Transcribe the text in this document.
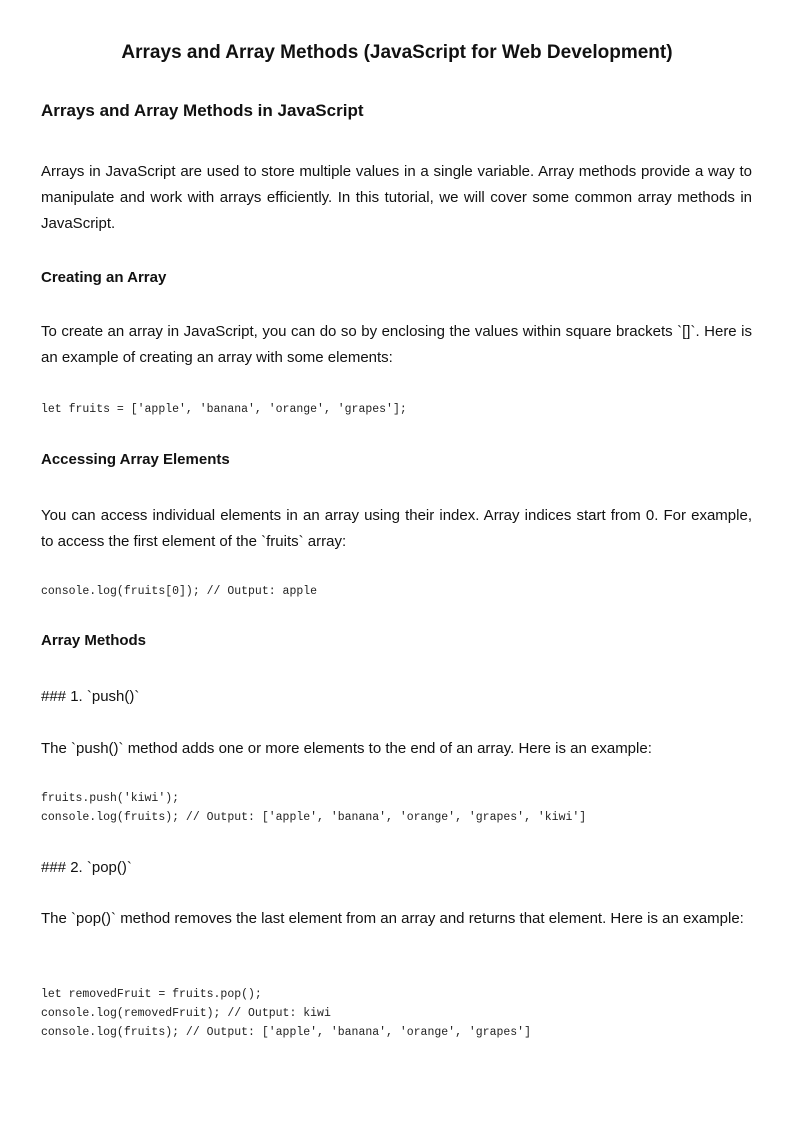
Arrays and Array Methods (JavaScript for Web Development)
Arrays and Array Methods in JavaScript

Arrays in JavaScript are used to store multiple values in a single variable. Array methods provide a way to manipulate and work with arrays efficiently. In this tutorial, we will cover some common array methods in JavaScript.

Creating an Array

To create an array in JavaScript, you can do so by enclosing the values within square brackets `[]`. Here is an example of creating an array with some elements:

let fruits = ['apple', 'banana', 'orange', 'grapes'];
Accessing Array Elements

You can access individual elements in an array using their index. Array indices start from 0. For example, to access the first element of the `fruits` array:

console.log(fruits[0]); // Output: apple
Array Methods

### 1. `push()`

The `push()` method adds one or more elements to the end of an array. Here is an example:

fruits.push('kiwi');
console.log(fruits); // Output: ['apple', 'banana', 'orange', 'grapes', 'kiwi']

### 2. `pop()`

The `pop()` method removes the last element from an array and returns that element. Here is an example:

let removedFruit = fruits.pop();
console.log(removedFruit); // Output: kiwi
console.log(fruits); // Output: ['apple', 'banana', 'orange', 'grapes']
